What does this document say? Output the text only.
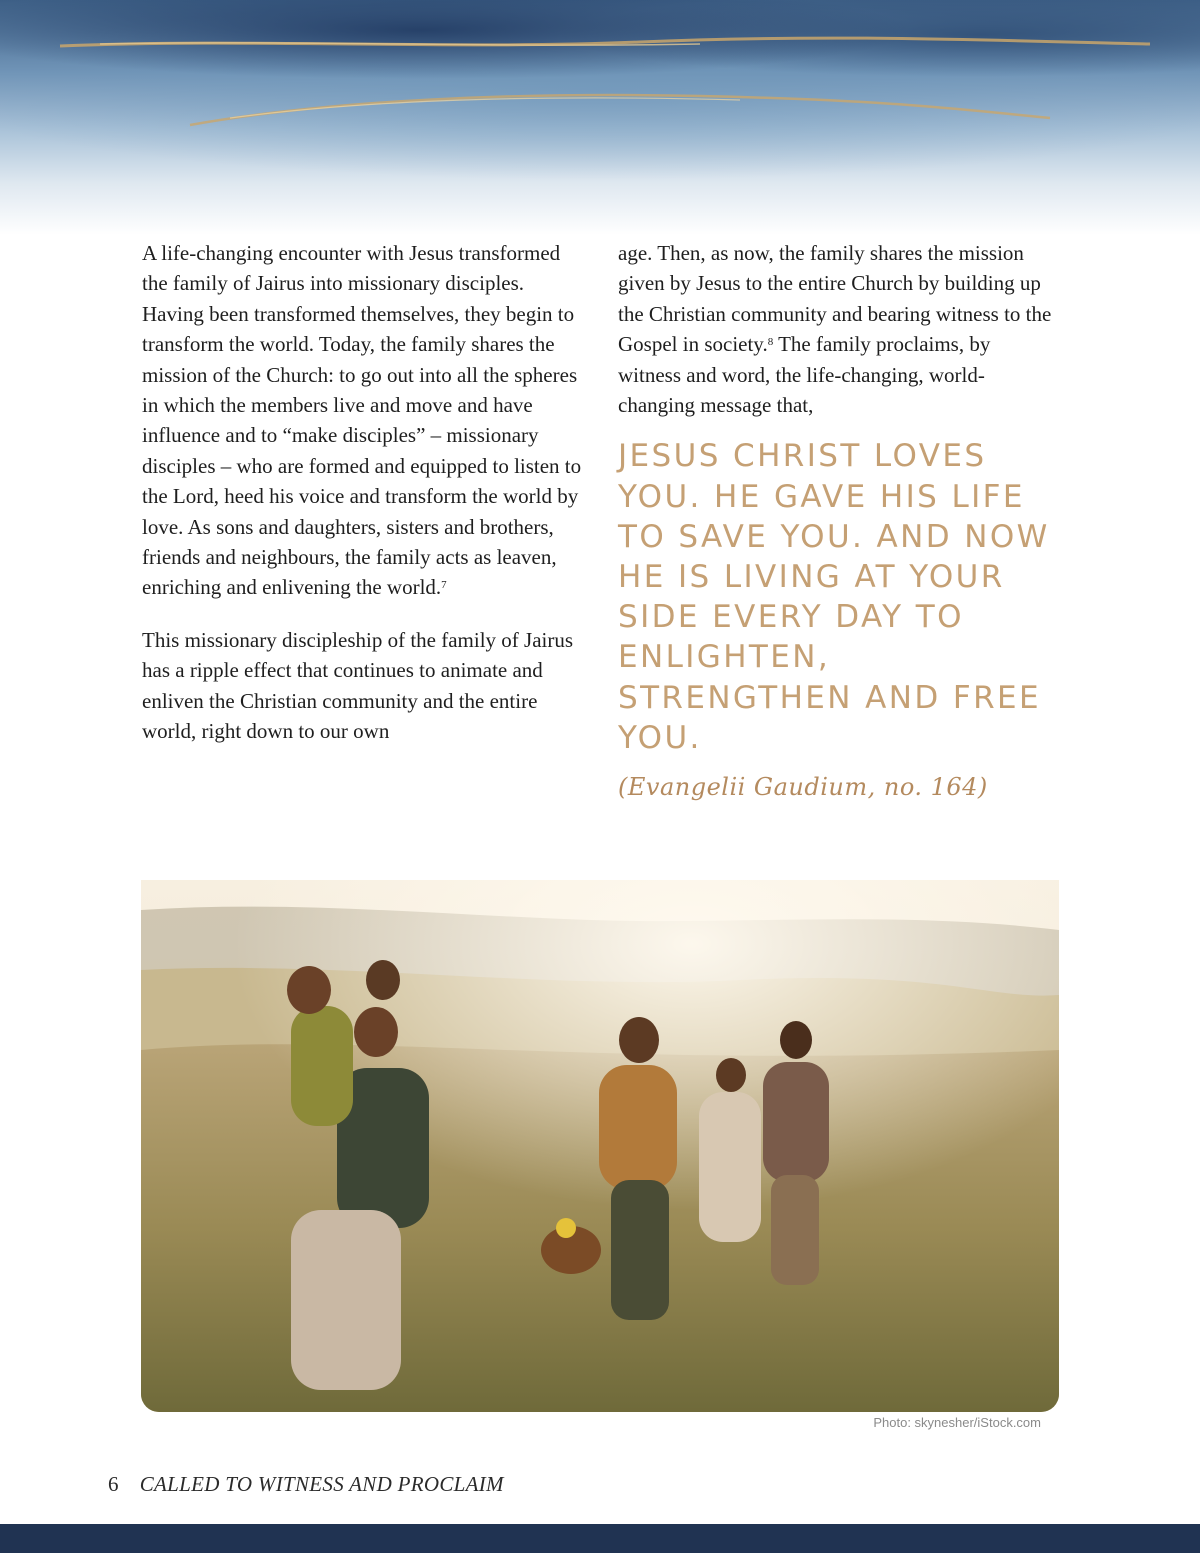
A life-changing encounter with Jesus transformed the family of Jairus into missionary disciples. Having been transformed themselves, they begin to transform the world. Today, the family shares the mission of the Church: to go out into all the spheres in which the members live and move and have influence and to “make disciples” – missionary disciples – who are formed and equipped to listen to the Lord, heed his voice and transform the world by love. As sons and daughters, sisters and brothers, friends and neighbours, the family acts as leaven, enriching and enlivening the world.$^7$

This missionary discipleship of the family of Jairus has a ripple effect that continues to animate and enliven the Christian community and the entire world, right down to our own

age. Then, as now, the family shares the mission given by Jesus to the entire Church by building up the Christian community and bearing witness to the Gospel in society.$^8$ The family proclaims, by witness and word, the life-changing, world-changing message that,

JESUS CHRIST LOVES YOU. HE GAVE HIS LIFE TO SAVE YOU. AND NOW HE IS LIVING AT YOUR SIDE EVERY DAY TO ENLIGHTEN, STRENGTHEN AND FREE YOU.
(Evangelii Gaudium, no. 164)
Photo: skynesher/iStock.com
6 CALLED TO WITNESS AND PROCLAIM
